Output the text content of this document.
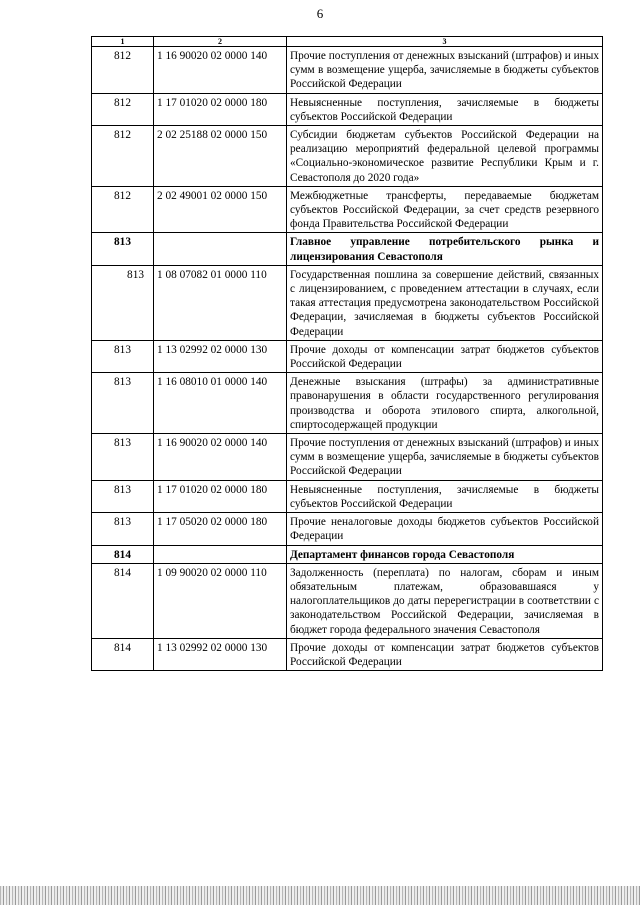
6
1	2	3
812	1 16 90020 02 0000 140	Прочие поступления от денежных взысканий (штрафов) и иных сумм в возмещение ущерба, зачисляемые в бюджеты субъектов Российской Федерации
812	1 17 01020 02 0000 180	Невыясненные поступления, зачисляемые в бюджеты субъектов Российской Федерации
812	2 02 25188 02 0000 150	Субсидии бюджетам субъектов Российской Федерации на реализацию мероприятий федеральной целевой программы «Социально-экономическое развитие Республики Крым и г. Севастополя до 2020 года»
812	2 02 49001 02 0000 150	Межбюджетные трансферты, передаваемые бюджетам субъектов Российской Федерации, за счет средств резервного фонда Правительства Российской Федерации
813		Главное управление потребительского рынка и лицензирования Севастополя
813	1 08 07082 01 0000 110	Государственная пошлина за совершение действий, связанных с лицензированием, с проведением аттестации в случаях, если такая аттестация предусмотрена законодательством Российской Федерации, зачисляемая в бюджеты субъектов Российской Федерации
813	1 13 02992 02 0000 130	Прочие доходы от компенсации затрат бюджетов субъектов Российской Федерации
813	1 16 08010 01 0000 140	Денежные взыскания (штрафы) за административные правонарушения в области государственного регулирования производства и оборота этилового спирта, алкогольной, спиртосодержащей продукции
813	1 16 90020 02 0000 140	Прочие поступления от денежных взысканий (штрафов) и иных сумм в возмещение ущерба, зачисляемые в бюджеты субъектов Российской Федерации
813	1 17 01020 02 0000 180	Невыясненные поступления, зачисляемые в бюджеты субъектов Российской Федерации
813	1 17 05020 02 0000 180	Прочие неналоговые доходы бюджетов субъектов Российской Федерации
814		Департамент финансов города Севастополя
814	1 09 90020 02 0000 110	Задолженность (переплата) по налогам, сборам и иным обязательным платежам, образовавшаяся у налогоплательщиков до даты перерегистрации в соответствии с законодательством Российской Федерации, зачисляемая в бюджет города федерального значения Севастополя
814	1 13 02992 02 0000 130	Прочие доходы от компенсации затрат бюджетов субъектов Российской Федерации
